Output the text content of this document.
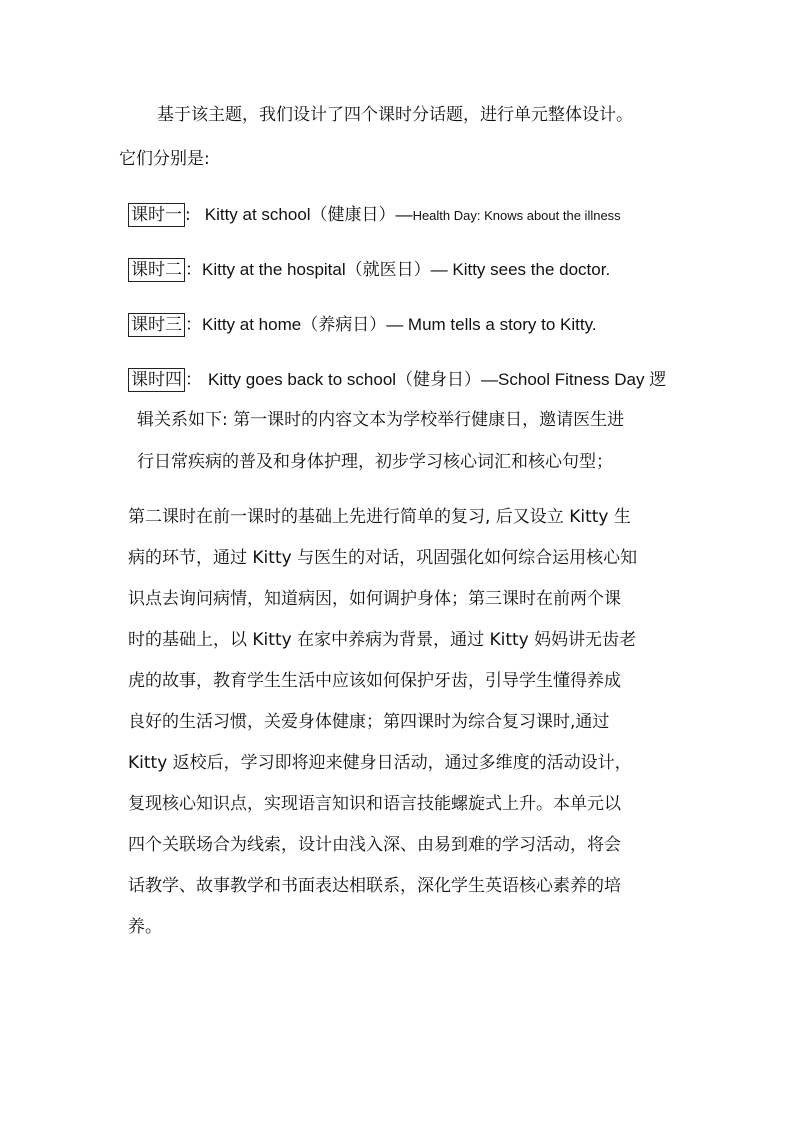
基于该主题，我们设计了四个课时分话题，进行单元整体设计。
它们分别是:
课时一 : Kitty at school（健康日）—Health Day: Knows about the illness
课时二 ：Kitty at the hospital（就医日）— Kitty sees the doctor.
课时三 ：Kitty at home（养病日）— Mum tells a story to Kitty.
课时四 ： Kitty goes back to school（健身日）—School Fitness Day 逻
辑关系如下: 第一课时的内容文本为学校举行健康日，邀请医生进
行日常疾病的普及和身体护理，初步学习核心词汇和核心句型；
第二课时在前一课时的基础上先进行简单的复习, 后又设立 Kitty 生
病的环节，通过 Kitty 与医生的对话，巩固强化如何综合运用核心知
识点去询问病情，知道病因，如何调护身体；第三课时在前两个课
时的基础上，以 Kitty 在家中养病为背景，通过 Kitty 妈妈讲无齿老
虎的故事，教育学生生活中应该如何保护牙齿，引导学生懂得养成
良好的生活习惯，关爱身体健康；第四课时为综合复习课时,通过
Kitty 返校后，学习即将迎来健身日活动，通过多维度的活动设计，
复现核心知识点，实现语言知识和语言技能螺旋式上升。本单元以
四个关联场合为线索，设计由浅入深、由易到难的学习活动，将会
话教学、故事教学和书面表达相联系，深化学生英语核心素养的培
养。
